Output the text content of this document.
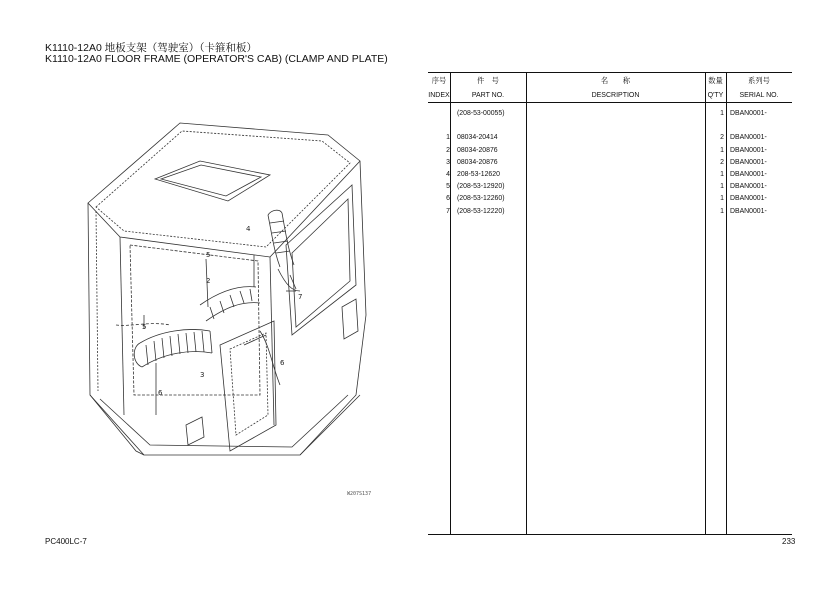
K1110-12A0 地板支架（驾驶室）（卡箍和板）
K1110-12A0 FLOOR FRAME (OPERATOR'S CAB) (CLAMP AND PLATE)
5
4
7
2
5
6
3
6
W207S137
序号	件　号	名　　称	数量	系列号
INDEX	PART NO.	DESCRIPTION	Q'TY	SERIAL NO.
(208-53-00055)	1 DBAN0001-
1 08034-20414	2 DBAN0001-
2 08034-20876	1 DBAN0001-
3 08034-20876	2 DBAN0001-
4 208-53-12620	1 DBAN0001-
5 (208-53-12920)	1 DBAN0001-
6 (208-53-12260)	1 DBAN0001-
7 (208-53-12220)	1 DBAN0001-
PC400LC-7	233
